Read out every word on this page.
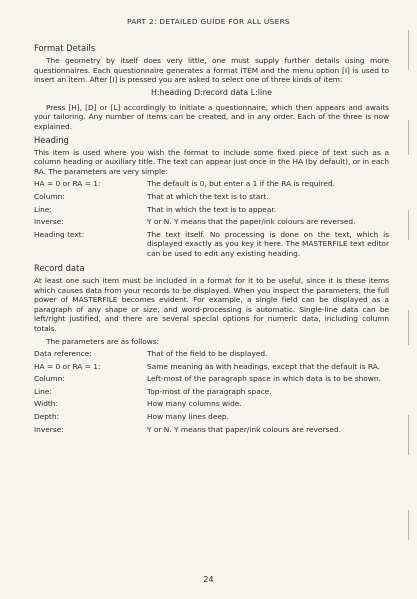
PART 2: DETAILED GUIDE FOR ALL USERS
Format Details

The geometry by itself does very little, one must supply further details using more questionnaires. Each questionnaire generates a format ITEM and the menu option [I] is used to insert an item. After [I] is pressed you are asked to select one of three kinds of item:

H:heading D:record data L:line

Press [H], [D] or [L] accordingly to initiate a questionnaire, which then appears and awaits your tailoring. Any number of items can be created, and in any order. Each of the three is now explained.

Heading

This item is used where you wish the format to include some fixed piece of text such as a column heading or auxiliary title. The text can appear just once in the HA (by default), or in each RA. The parameters are very simple:

HA = 0 or RA = 1:	The default is 0, but enter a 1 if the RA is required.
Column:	That at which the text is to start.
Line:	That in which the text is to appear.
Inverse:	Y or N. Y means that the paper/ink colours are reversed.
Heading text:	The text itself. No processing is done on the text, which is displayed exactly as you key it here. The MASTERFILE text editor can be used to edit any existing heading.
Record data

At least one such item must be included in a format for it to be useful, since it is these items which causes data from your records to be displayed. When you inspect the parameters, the full power of MASTERFILE becomes evident. For example, a single field can be displayed as a paragraph of any shape or size, and word-processing is automatic. Single-line data can be left/right justified, and there are several special options for numeric data, including column totals.

The parameters are as follows:

Data reference:	That of the field to be displayed.
HA = 0 or RA = 1:	Same meaning as with headings, except that the default is RA.
Column:	Left-most of the paragraph space in which data is to be shown.
Line:	Top-most of the paragraph space.
Width:	How many columns wide.
Depth:	How many lines deep.
Inverse:	Y or N. Y means that paper/ink colours are reversed.
24
